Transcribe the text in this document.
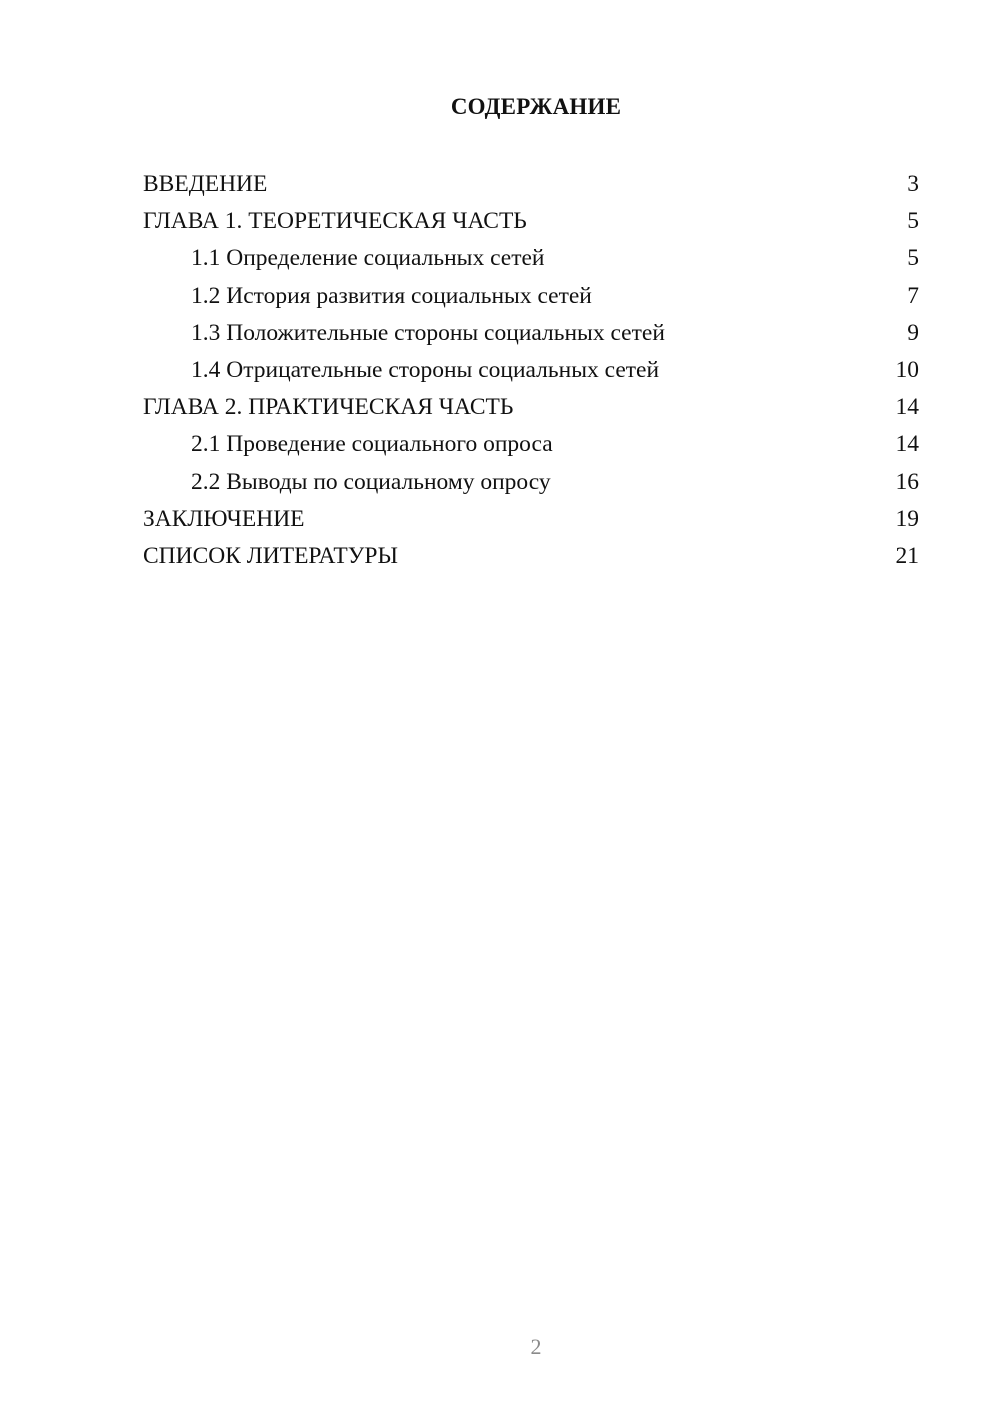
СОДЕРЖАНИЕ
ВВЕДЕНИЕ	3
ГЛАВА 1. ТЕОРЕТИЧЕСКАЯ ЧАСТЬ	5
1.1 Определение социальных сетей	5
1.2 История развития социальных сетей	7
1.3 Положительные стороны социальных сетей	9
1.4 Отрицательные стороны социальных сетей	10
ГЛАВА 2. ПРАКТИЧЕСКАЯ ЧАСТЬ	14
2.1 Проведение социального опроса	14
2.2 Выводы по социальному опросу	16
ЗАКЛЮЧЕНИЕ	19
СПИСОК ЛИТЕРАТУРЫ	21
2
